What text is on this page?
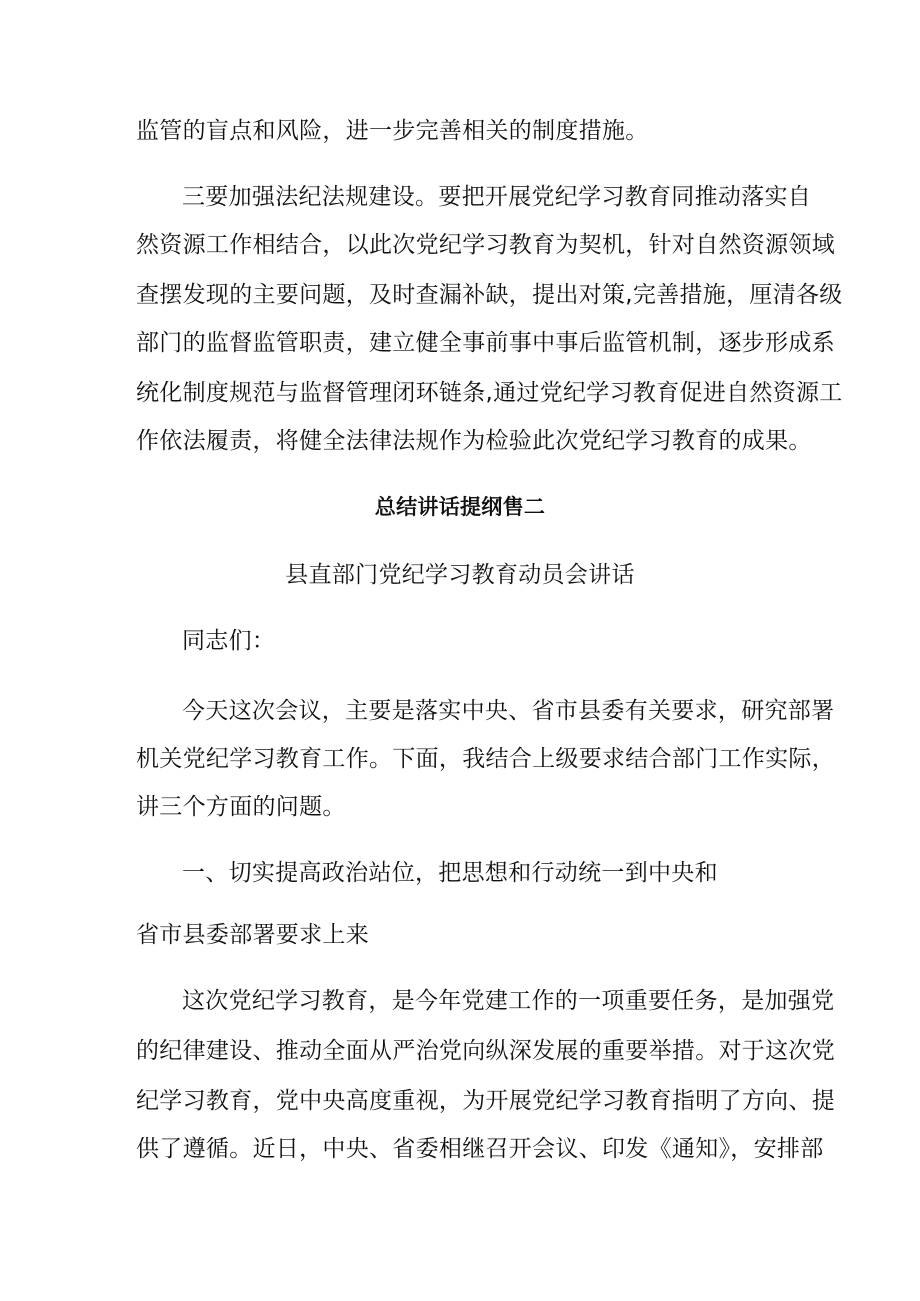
监管的盲点和风险，进一步完善相关的制度措施。
三要加强法纪法规建设。要把开展党纪学习教育同推动落实自
然资源工作相结合，以此次党纪学习教育为契机，针对自然资源领域
查摆发现的主要问题，及时查漏补缺，提出对策,完善措施，厘清各级
部门的监督监管职责，建立健全事前事中事后监管机制，逐步形成系
统化制度规范与监督管理闭环链条,通过党纪学习教育促进自然资源工
作依法履责，将健全法律法规作为检验此次党纪学习教育的成果。
总结讲话提纲售二
县直部门党纪学习教育动员会讲话
同志们：
今天这次会议，主要是落实中央、省市县委有关要求，研究部署
机关党纪学习教育工作。下面，我结合上级要求结合部门工作实际，
讲三个方面的问题。
一、切实提高政治站位，把思想和行动统一到中央和
省市县委部署要求上来
这次党纪学习教育，是今年党建工作的一项重要任务，是加强党
的纪律建设、推动全面从严治党向纵深发展的重要举措。对于这次党
纪学习教育，党中央高度重视，为开展党纪学习教育指明了方向、提
供了遵循。近日，中央、省委相继召开会议、印发《通知》，安排部
